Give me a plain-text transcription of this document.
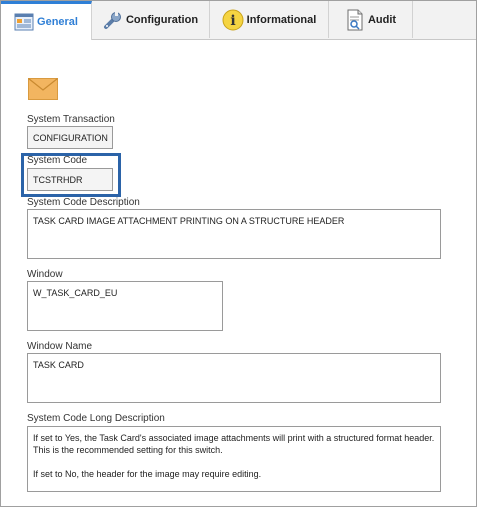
General	Configuration i Informational	Audit
System Transaction
CONFIGURATION
System Code
TCSTRHDR
System Code Description
TASK CARD IMAGE ATTACHMENT PRINTING ON A STRUCTURE HEADER
Window
W_TASK_CARD_EU
Window Name
TASK CARD
System Code Long Description

If set to Yes, the Task Card's associated image attachments will print with a structured format header. This is the recommended setting for this switch.

If set to No, the header for the image may require editing.
